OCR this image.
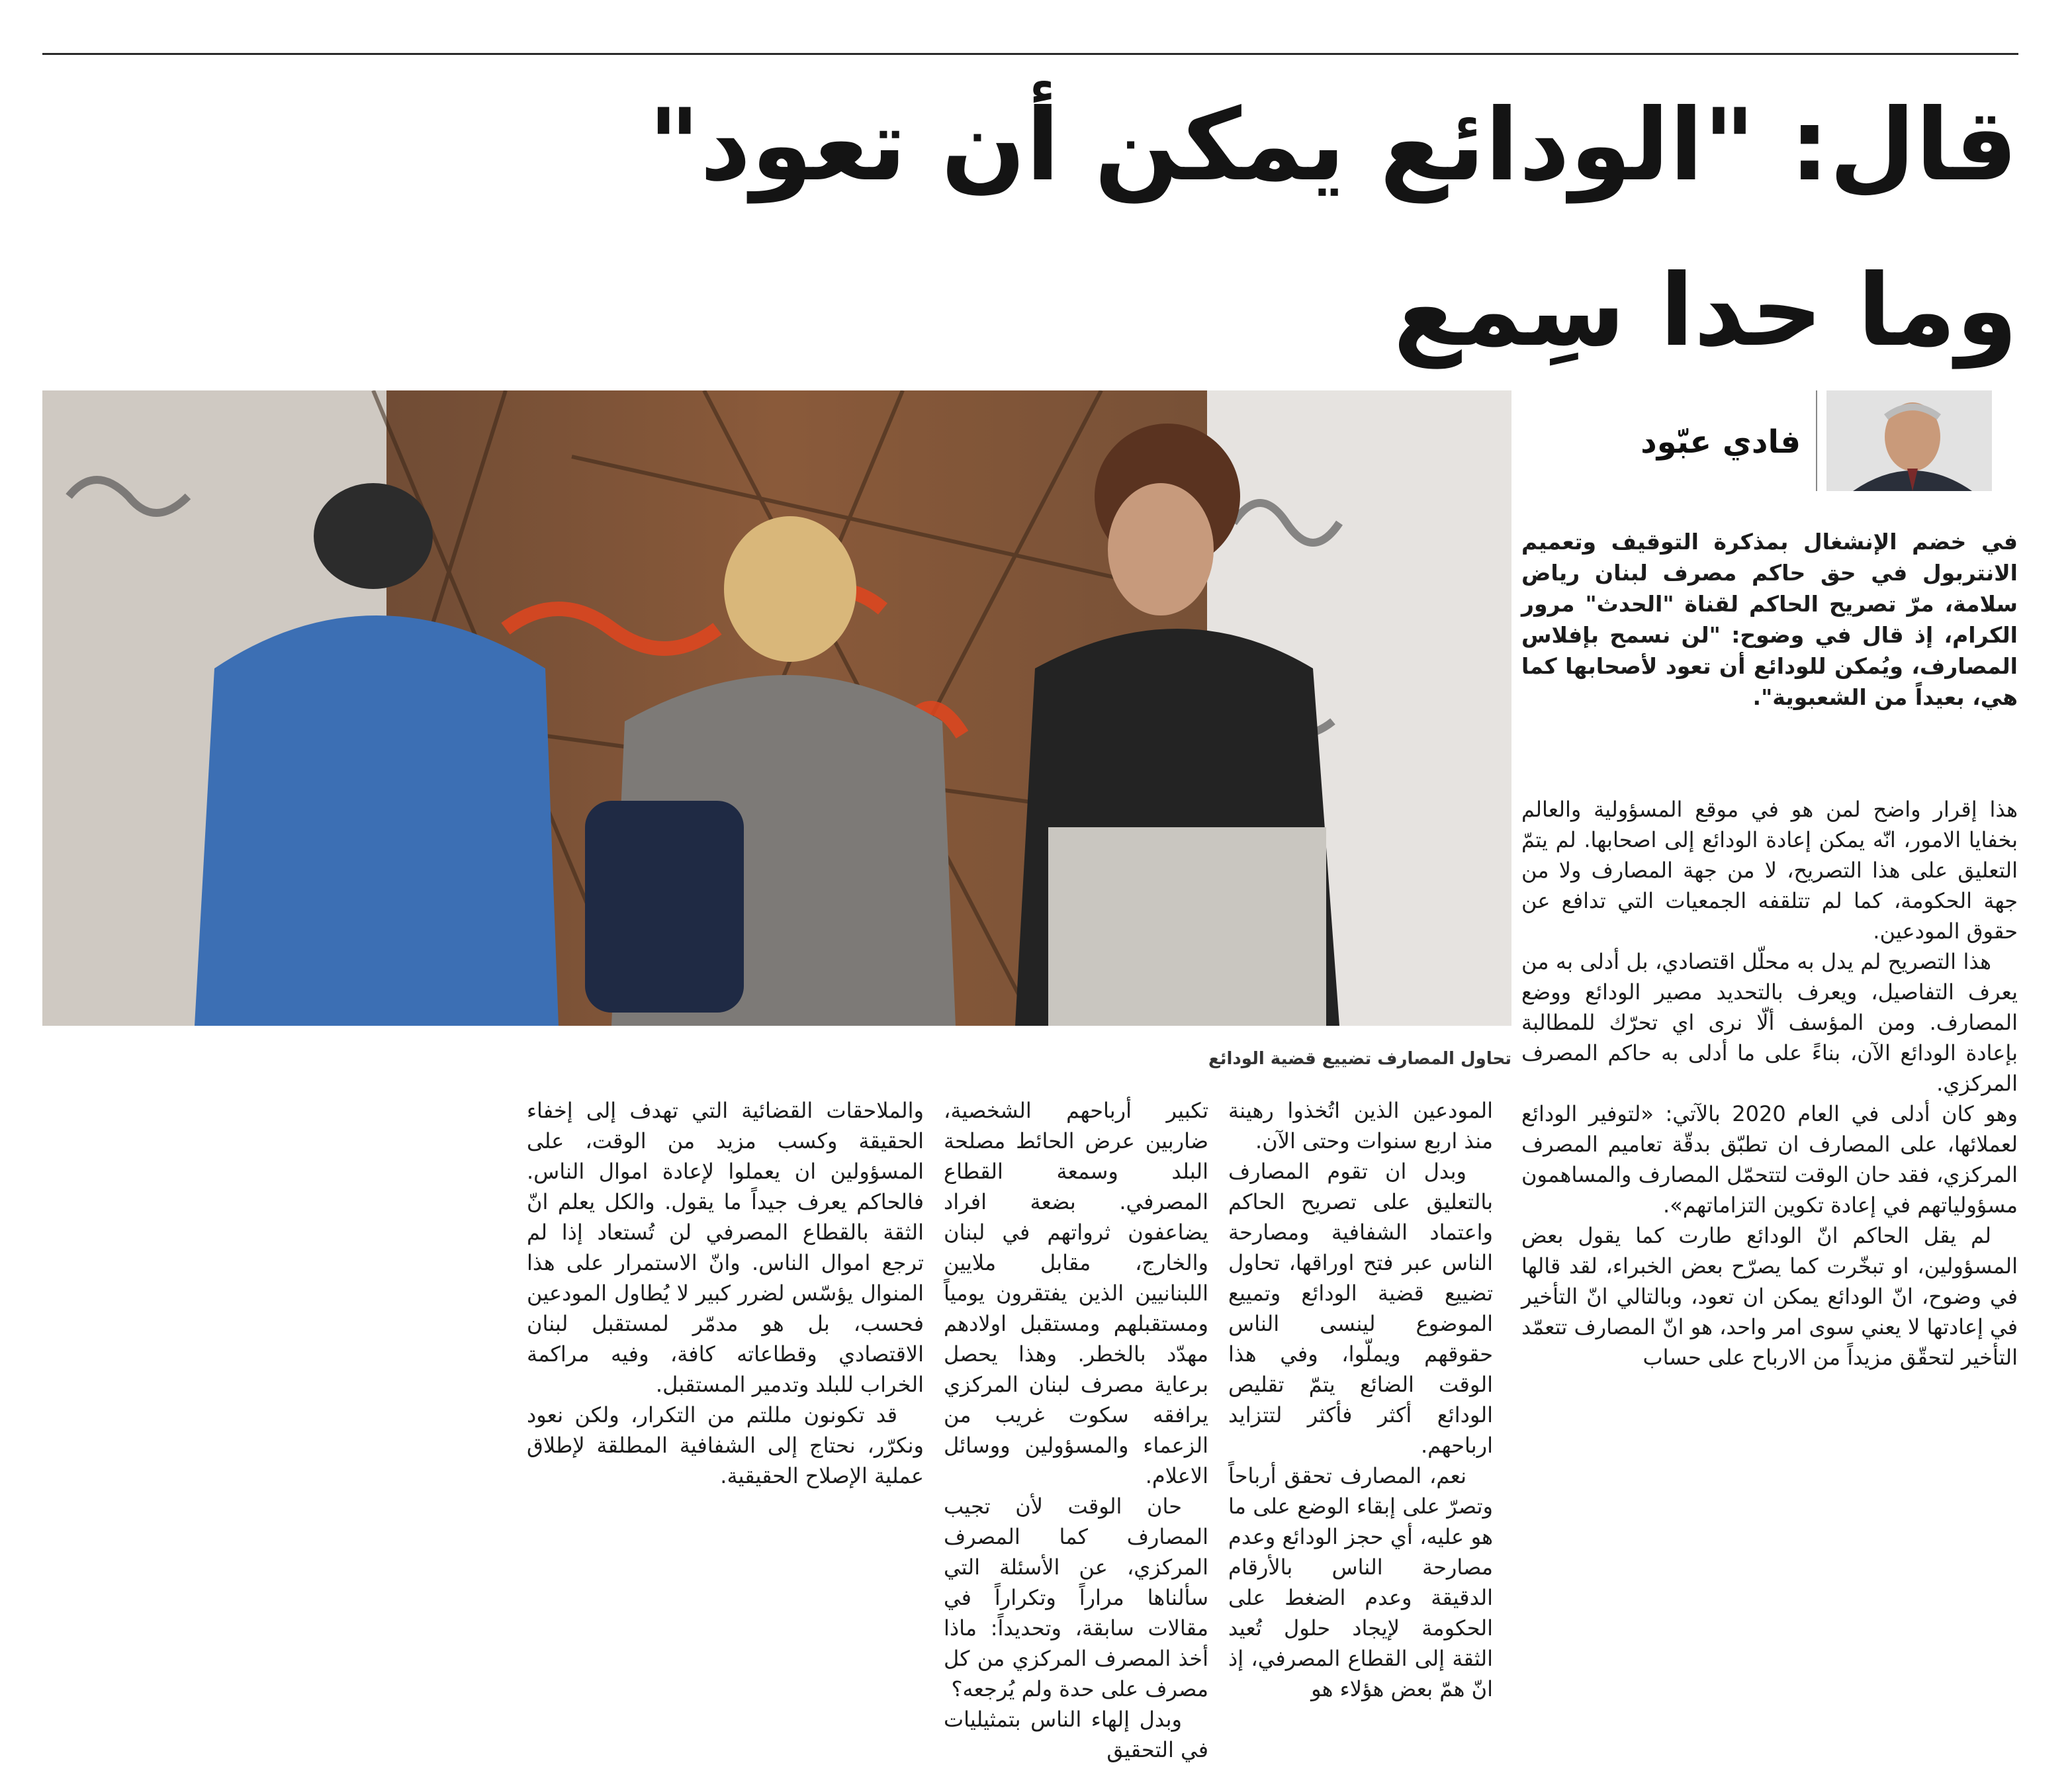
قال: "الودائع يمكن أن تعود"
وما حدا سِمع
تحاول المصارف تضييع قضية الودائع
فادي عبّود

في خضم الإنشغال بمذكرة التوقيف وتعميم الانتربول في حق حاكم مصرف لبنان رياض سلامة، مرّ تصريح الحاكم لقناة "الحدث" مرور الكرام، إذ قال في وضوح: "لن نسمح بإفلاس المصارف، ويُمكن للودائع أن تعود لأصحابها كما هي، بعيداً من الشعبوية".

هذا إقرار واضح لمن هو في موقع المسؤولية والعالم بخفايا الامور، انّه يمكن إعادة الودائع إلى اصحابها. لم يتمّ التعليق على هذا التصريح، لا من جهة المصارف ولا من جهة الحكومة، كما لم تتلقفه الجمعيات التي تدافع عن حقوق المودعين.

هذا التصريح لم يدل به محلّل اقتصادي، بل أدلى به من يعرف التفاصيل، ويعرف بالتحديد مصير الودائع ووضع المصارف. ومن المؤسف ألّا نرى اي تحرّك للمطالبة بإعادة الودائع الآن، بناءً على ما أدلى به حاكم المصرف المركزي.

وهو كان أدلى في العام 2020 بالآتي: «لتوفير الودائع لعملائها، على المصارف ان تطبّق بدقّة تعاميم المصرف المركزي، فقد حان الوقت لتتحمّل المصارف والمساهمون مسؤولياتهم في إعادة تكوين التزاماتهم».

لم يقل الحاكم انّ الودائع طارت كما يقول بعض المسؤولين، او تبخّرت كما يصرّح بعض الخبراء، لقد قالها في وضوح، انّ الودائع يمكن ان تعود، وبالتالي انّ التأخير في إعادتها لا يعني سوى امر واحد، هو انّ المصارف تتعمّد التأخير لتحقّق مزيداً من الارباح على حساب

المودعين الذين اتُخذوا رهينة منذ اربع سنوات وحتى الآن.

وبدل ان تقوم المصارف بالتعليق على تصريح الحاكم واعتماد الشفافية ومصارحة الناس عبر فتح اوراقها، تحاول تضييع قضية الودائع وتمييع الموضوع لينسى الناس حقوقهم ويملّوا، وفي هذا الوقت الضائع يتمّ تقليص الودائع أكثر فأكثر لتتزايد ارباحهم.

نعم، المصارف تحقق أرباحاً وتصرّ على إبقاء الوضع على ما هو عليه، أي حجز الودائع وعدم مصارحة الناس بالأرقام الدقيقة وعدم الضغط على الحكومة لإيجاد حلول تُعيد الثقة إلى القطاع المصرفي، إذ انّ همّ بعض هؤلاء هو

تكبير أرباحهم الشخصية، ضاربين عرض الحائط مصلحة البلد وسمعة القطاع المصرفي. بضعة افراد يضاعفون ثرواتهم في لبنان والخارج، مقابل ملايين اللبنانيين الذين يفتقرون يومياً ومستقبلهم ومستقبل اولادهم مهدّد بالخطر. وهذا يحصل برعاية مصرف لبنان المركزي يرافقه سكوت غريب من الزعماء والمسؤولين ووسائل الاعلام.

حان الوقت لأن تجيب المصارف كما المصرف المركزي، عن الأسئلة التي سألناها مراراً وتكراراً في مقالات سابقة، وتحديداً: ماذا أخذ المصرف المركزي من كل مصرف على حدة ولم يُرجعه؟

وبدل إلهاء الناس بتمثيليات في التحقيق

والملاحقات القضائية التي تهدف إلى إخفاء الحقيقة وكسب مزيد من الوقت، على المسؤولين ان يعملوا لإعادة اموال الناس. فالحاكم يعرف جيداً ما يقول. والكل يعلم انّ الثقة بالقطاع المصرفي لن تُستعاد إذا لم ترجع اموال الناس. وانّ الاستمرار على هذا المنوال يؤسّس لضرر كبير لا يُطاول المودعين فحسب، بل هو مدمّر لمستقبل لبنان الاقتصادي وقطاعاته كافة، وفيه مراكمة الخراب للبلد وتدمير المستقبل.

قد تكونون مللتم من التكرار، ولكن نعود ونكرّر، نحتاج إلى الشفافية المطلقة لإطلاق عملية الإصلاح الحقيقية.
